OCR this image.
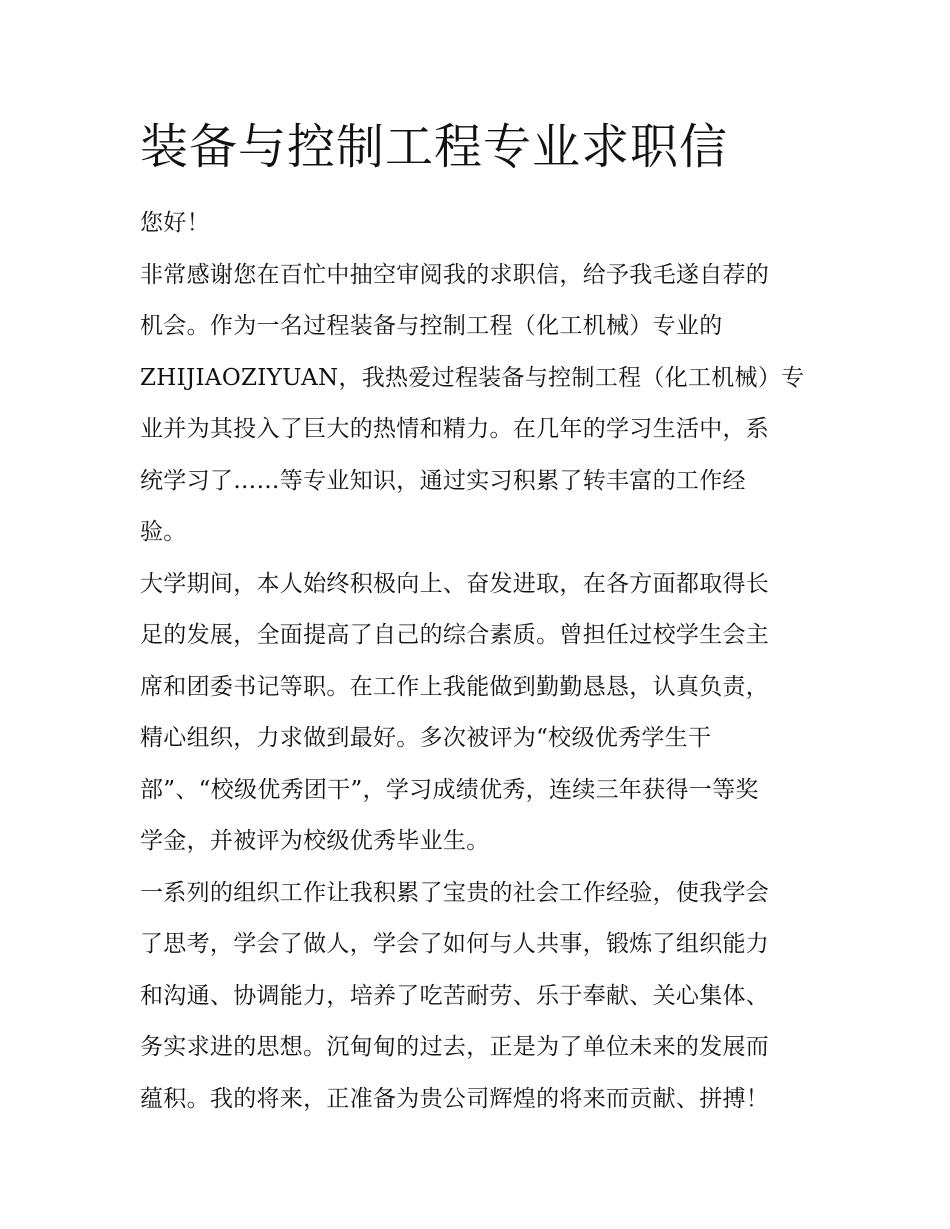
装备与控制工程专业求职信

您好！

非常感谢您在百忙中抽空审阅我的求职信，给予我毛遂自荐的

机会。作为一名过程装备与控制工程（化工机械）专业的

ZHIJIAOZIYUAN，我热爱过程装备与控制工程（化工机械）专

业并为其投入了巨大的热情和精力。在几年的学习生活中，系

统学习了……等专业知识，通过实习积累了转丰富的工作经

验。

大学期间，本人始终积极向上、奋发进取，在各方面都取得长

足的发展，全面提高了自己的综合素质。曾担任过校学生会主

席和团委书记等职。在工作上我能做到勤勤恳恳，认真负责，

精心组织，力求做到最好。多次被评为“校级优秀学生干

部”、“校级优秀团干”，学习成绩优秀，连续三年获得一等奖

学金，并被评为校级优秀毕业生。

一系列的组织工作让我积累了宝贵的社会工作经验，使我学会

了思考，学会了做人，学会了如何与人共事，锻炼了组织能力

和沟通、协调能力，培养了吃苦耐劳、乐于奉献、关心集体、

务实求进的思想。沉甸甸的过去，正是为了单位未来的发展而

蕴积。我的将来，正准备为贵公司辉煌的将来而贡献、拼搏！
